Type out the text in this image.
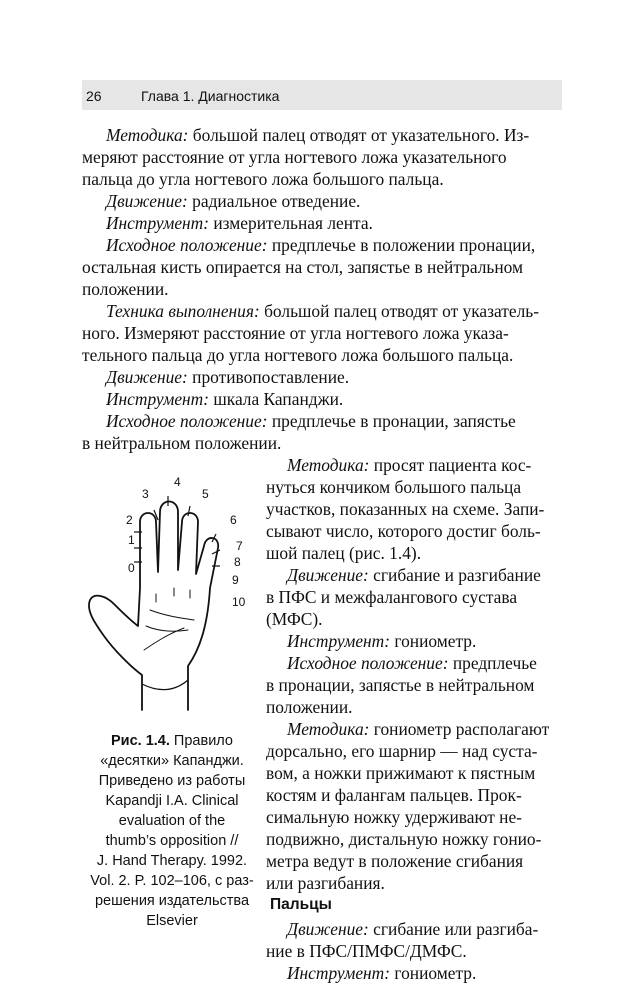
26	Глава 1. Диагностика
Методика: большой палец отводят от указательного. Из-
меряют расстояние от угла ногтевого ложа указательного
пальца до угла ногтевого ложа большого пальца.
Движение: радиальное отведение.
Инструмент: измерительная лента.
Исходное положение: предплечье в положении пронации,
остальная кисть опирается на стол, запястье в нейтральном
положении.
Техника выполнения: большой палец отводят от указатель-
ного. Измеряют расстояние от угла ногтевого ложа указа-
тельного пальца до угла ногтевого ложа большого пальца.
Движение: противопоставление.
Инструмент: шкала Капанджи.
Исходное положение: предплечье в пронации, запястье
в нейтральном положении.
Методика: просят пациента кос-
нуться кончиком большого пальца
участков, показанных на схеме. Запи-
сывают число, которого достиг боль-
шой палец (рис. 1.4).
Движение: сгибание и разгибание
в ПФС и межфалангового сустава
(МФС).
Инструмент: гониометр.
Исходное положение: предплечье
в пронации, запястье в нейтральном
положении.
Методика: гониометр располагают
дорсально, его шарнир — над суста-
вом, а ножки прижимают к пястным
костям и фалангам пальцев. Прок-
симальную ножку удерживают не-
подвижно, дистальную ножку гонио-
метра ведут в положение сгибания
или разгибания.
Пальцы
Движение: сгибание или разгиба-
ние в ПФС/ПМФС/ДМФС.
Инструмент: гониометр.
0
1
2
3
4
5
6
7
8
9
10
Рис. 1.4. Правило
«десятки» Капанджи.
Приведено из работы
Kapandji I.A. Clinical
evaluation of the
thumb’s opposition //
J. Hand Therapy. 1992.
Vol. 2. P. 102–106, с раз-
решения издательства
Elsevier
